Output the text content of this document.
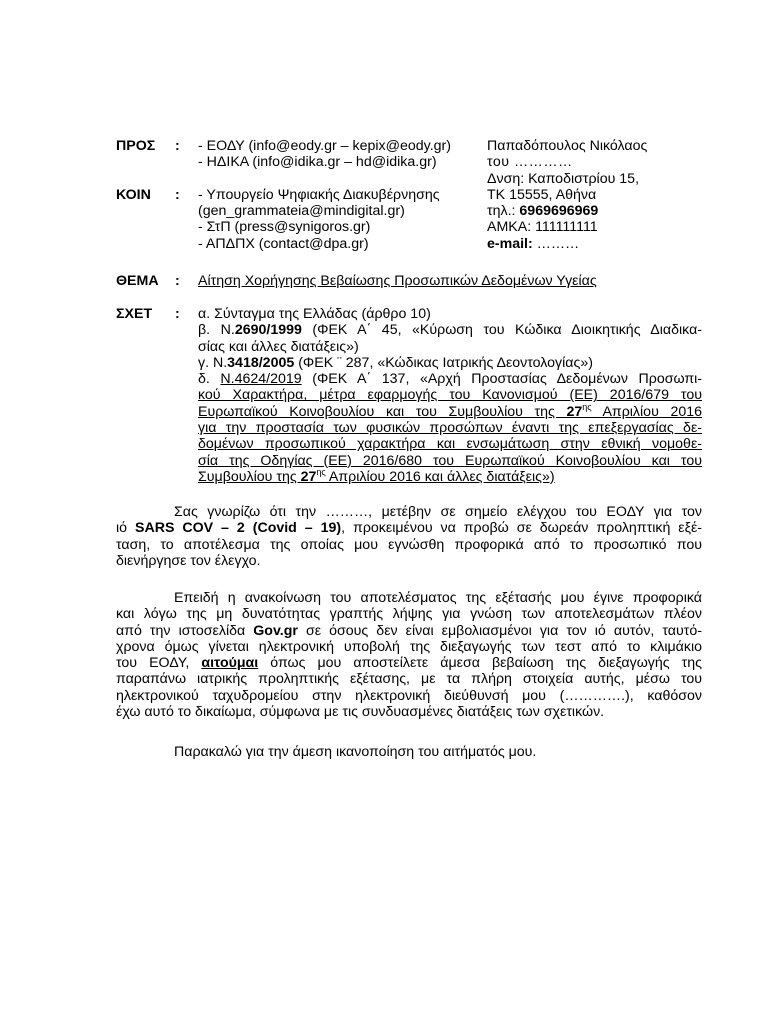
ΠΡΟΣ :
ΚΟΙΝ :
- ΕΟΔΥ (info@eody.gr – kepix@eody.gr)
- ΗΔΙΚΑ (info@idika.gr – hd@idika.gr)
- Υπουργείο Ψηφιακής Διακυβέρνησης
(gen_grammateia@mindigital.gr)
- ΣτΠ (press@synigoros.gr)
- ΑΠΔΠΧ (contact@dpa.gr)
Παπαδόπουλος Νικόλαος
του …………
Δνση: Καποδιστρίου 15,
ΤΚ 15555, Αθήνα
τηλ.: 6969696969
ΑΜΚΑ: 111111111
e-mail: ………
ΘΕΜΑ : Αίτηση Χορήγησης Βεβαίωσης Προσωπικών Δεδομένων Υγείας
ΣΧΕΤ : α. Σύνταγμα της Ελλάδας (άρθρο 10)
β. Ν.2690/1999 (ΦΕΚ Α΄ 45, «Κύρωση του Κώδικα Διοικητικής Διαδικα-
σίας και άλλες διατάξεις»)
γ. Ν.3418/2005 (ΦΕΚ ¨ 287, «Κώδικας Ιατρικής Δεοντολογίας»)
δ. Ν.4624/2019 (ΦΕΚ Α΄ 137, «Αρχή Προστασίας Δεδομένων Προσωπι-
κού Χαρακτήρα, μέτρα εφαρμογής του Κανονισμού (ΕΕ) 2016/679 του
Ευρωπαϊκού Κοινοβουλίου και του Συμβουλίου της $27^{\eta\varsigma}$ Απριλίου 2016
για την προστασία των φυσικών προσώπων έναντι της επεξεργασίας δε-
δομένων προσωπικού χαρακτήρα και ενσωμάτωση στην εθνική νομοθε-
σία της Οδηγίας (ΕΕ) 2016/680 του Ευρωπαϊκού Κοινοβουλίου και του
Συμβουλίου της $27^{\eta\varsigma}$ Απριλίου 2016 και άλλες διατάξεις»)
Σας γνωρίζω ότι την ………, μετέβην σε σημείο ελέγχου του ΕΟΔΥ για τον
ιό SARS COV – 2 (Covid – 19), προκειμένου να προβώ σε δωρεάν προληπτική εξέ-
ταση, το αποτέλεσμα της οποίας μου εγνώσθη προφορικά από το προσωπικό που
διενήργησε τον έλεγχο.
Επειδή η ανακοίνωση του αποτελέσματος της εξέτασής μου έγινε προφορικά
και λόγω της μη δυνατότητας γραπτής λήψης για γνώση των αποτελεσμάτων πλέον
από την ιστοσελίδα Gov.gr σε όσους δεν είναι εμβολιασμένοι για τον ιό αυτόν, ταυτό-
χρονα όμως γίνεται ηλεκτρονική υποβολή της διεξαγωγής των τεστ από το κλιμάκιο
του ΕΟΔΥ, αιτούμαι όπως μου αποστείλετε άμεσα βεβαίωση της διεξαγωγής της
παραπάνω ιατρικής προληπτικής εξέτασης, με τα πλήρη στοιχεία αυτής, μέσω του
ηλεκτρονικού ταχυδρομείου στην ηλεκτρονική διεύθυνσή μου (………….), καθόσον
έχω αυτό το δικαίωμα, σύμφωνα με τις συνδυασμένες διατάξεις των σχετικών.
Παρακαλώ για την άμεση ικανοποίηση του αιτήματός μου.
